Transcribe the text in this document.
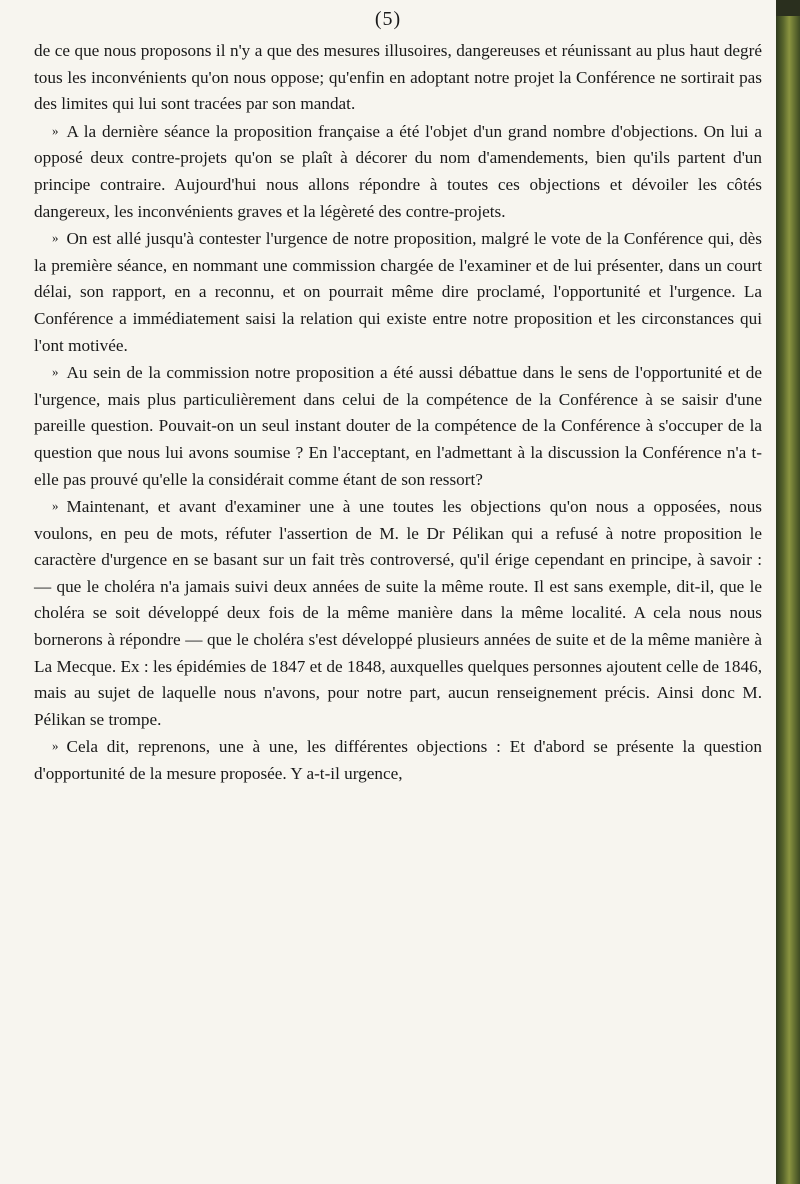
(5)

de ce que nous proposons il n'y a que des mesures illusoires, dangereuses et réunissant au plus haut degré tous les inconvénients qu'on nous oppose; qu'enfin en adoptant notre projet la Conférence ne sortirait pas des limites qui lui sont tracées par son mandat.

» A la dernière séance la proposition française a été l'objet d'un grand nombre d'objections. On lui a opposé deux contre-projets qu'on se plaît à décorer du nom d'amendements, bien qu'ils partent d'un principe contraire. Aujourd'hui nous allons répondre à toutes ces objections et dévoiler les côtés dangereux, les inconvénients graves et la légèreté des contre-projets.

» On est allé jusqu'à contester l'urgence de notre proposition, malgré le vote de la Conférence qui, dès la première séance, en nommant une commission chargée de l'examiner et de lui présenter, dans un court délai, son rapport, en a reconnu, et on pourrait même dire proclamé, l'opportunité et l'urgence. La Conférence a immédiatement saisi la relation qui existe entre notre proposition et les circonstances qui l'ont motivée.

» Au sein de la commission notre proposition a été aussi débattue dans le sens de l'opportunité et de l'urgence, mais plus particulièrement dans celui de la compétence de la Conférence à se saisir d'une pareille question. Pouvait-on un seul instant douter de la compétence de la Conférence à s'occuper de la question que nous lui avons soumise ? En l'acceptant, en l'admettant à la discussion la Conférence n'a t-elle pas prouvé qu'elle la considérait comme étant de son ressort?

» Maintenant, et avant d'examiner une à une toutes les objections qu'on nous a opposées, nous voulons, en peu de mots, réfuter l'assertion de M. le Dr Pélikan qui a refusé à notre proposition le caractère d'urgence en se basant sur un fait très controversé, qu'il érige cependant en principe, à savoir : — que le choléra n'a jamais suivi deux années de suite la même route. Il est sans exemple, dit-il, que le choléra se soit développé deux fois de la même manière dans la même localité. A cela nous nous bornerons à répondre — que le choléra s'est développé plusieurs années de suite et de la même manière à La Mecque. Ex : les épidémies de 1847 et de 1848, auxquelles quelques personnes ajoutent celle de 1846, mais au sujet de laquelle nous n'avons, pour notre part, aucun renseignement précis. Ainsi donc M. Pélikan se trompe.

» Cela dit, reprenons, une à une, les différentes objections : Et d'abord se présente la question d'opportunité de la mesure proposée. Y a-t-il urgence,
